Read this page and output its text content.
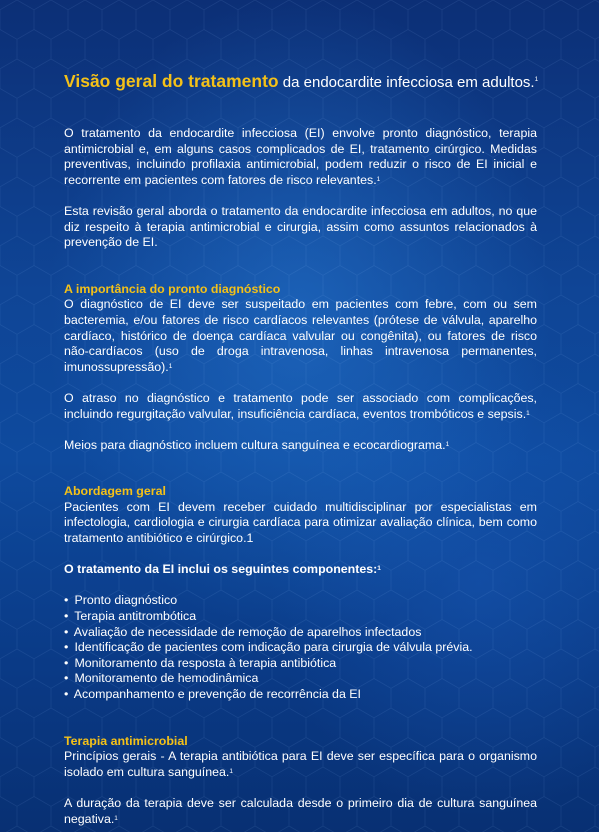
Visão geral do tratamento da endocardite infecciosa em adultos.$^1$

O tratamento da endocardite infecciosa (EI) envolve pronto diagnóstico, terapia antimicrobial e, em alguns casos complicados de EI, tratamento cirúrgico. Medidas preventivas, incluindo profilaxia antimicrobial, podem reduzir o risco de EI inicial e recorrente em pacientes com fatores de risco relevantes.$^1$

Esta revisão geral aborda o tratamento da endocardite infecciosa em adultos, no que diz respeito à terapia antimicrobial e cirurgia, assim como assuntos relacionados à prevenção de EI.

A importância do pronto diagnóstico

O diagnóstico de EI deve ser suspeitado em pacientes com febre, com ou sem bacteremia, e/ou fatores de risco cardíacos relevantes (prótese de válvula, aparelho cardíaco, histórico de doença cardíaca valvular ou congênita), ou fatores de risco não-cardíacos (uso de droga intravenosa, linhas intravenosa permanentes, imunossupressão).$^1$

O atraso no diagnóstico e tratamento pode ser associado com complicações, incluindo regurgitação valvular, insuficiência cardíaca, eventos trombóticos e sepsis.$^1$

Meios para diagnóstico incluem cultura sanguínea e ecocardiograma.$^1$

Abordagem geral

Pacientes com EI devem receber cuidado multidisciplinar por especialistas em infectologia, cardiologia e cirurgia cardíaca para otimizar avaliação clínica, bem como tratamento antibiótico e cirúrgico.1

O tratamento da EI inclui os seguintes componentes:$^1$

• Pronto diagnóstico
• Terapia antitrombótica
• Avaliação de necessidade de remoção de aparelhos infectados
• Identificação de pacientes com indicação para cirurgia de válvula prévia.
• Monitoramento da resposta à terapia antibiótica
• Monitoramento de hemodinâmica
• Acompanhamento e prevenção de recorrência da EI
Terapia antimicrobial

Princípios gerais - A terapia antibiótica para EI deve ser específica para o organismo isolado em cultura sanguínea.$^1$

A duração da terapia deve ser calculada desde o primeiro dia de cultura sanguínea negativa.$^1$
